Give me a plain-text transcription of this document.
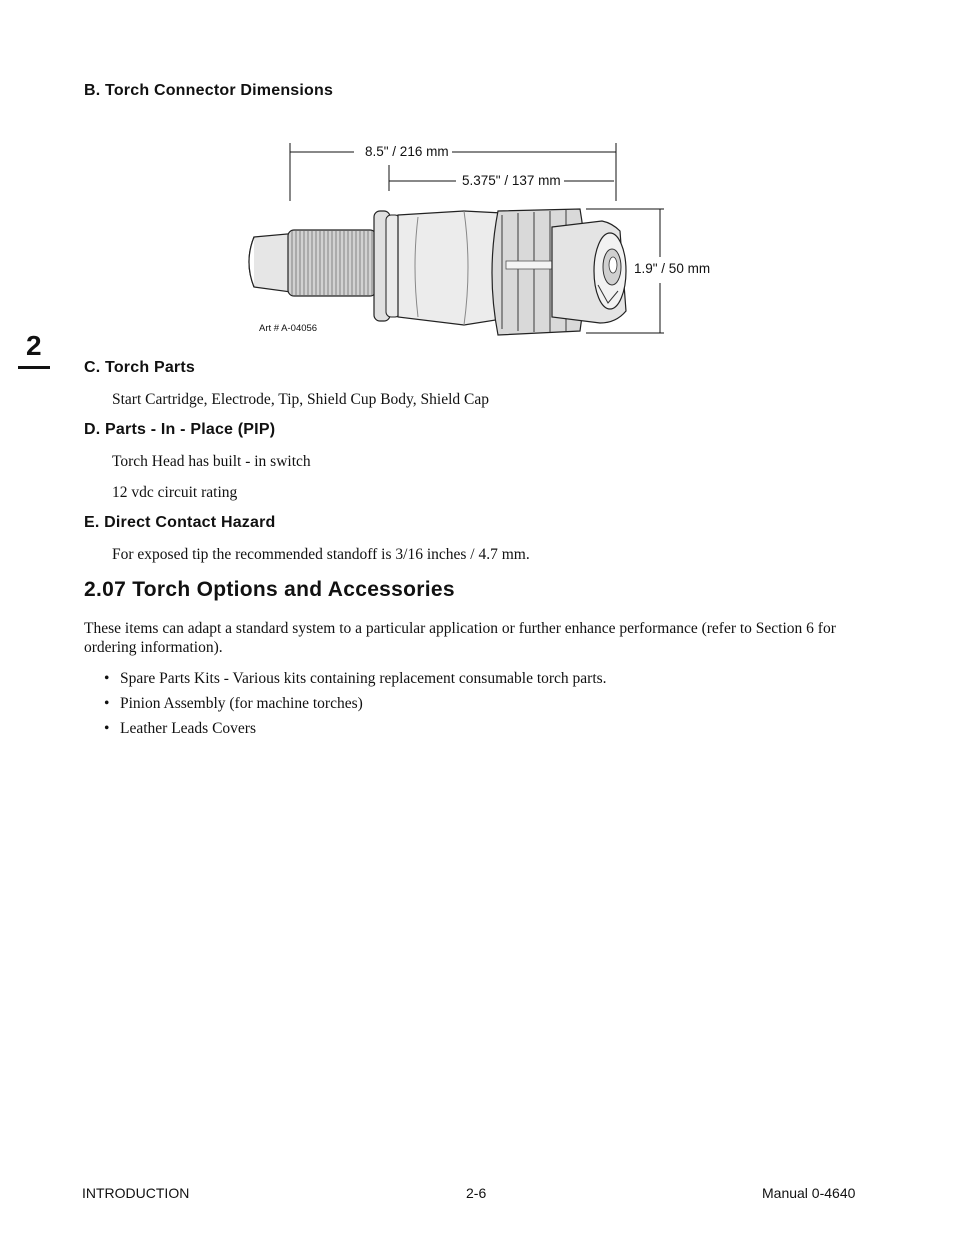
B. Torch Connector Dimensions
8.5" / 216 mm
5.375" / 137 mm
1.9" / 50 mm
Art # A-04056
2
C. Torch Parts
Start Cartridge, Electrode, Tip, Shield Cup Body, Shield Cap
D. Parts - In - Place (PIP)
Torch Head has built - in switch
12 vdc circuit rating
E. Direct Contact Hazard
For exposed tip the recommended standoff is 3/16 inches / 4.7 mm.
2.07 Torch Options and Accessories
These items can adapt a standard system to a particular application or further enhance performance (refer to Section 6 for ordering information).
• Spare Parts Kits - Various kits containing replacement consumable torch parts.
• Pinion Assembly (for machine torches)
• Leather Leads Covers
INTRODUCTION	2-6	Manual 0-4640
